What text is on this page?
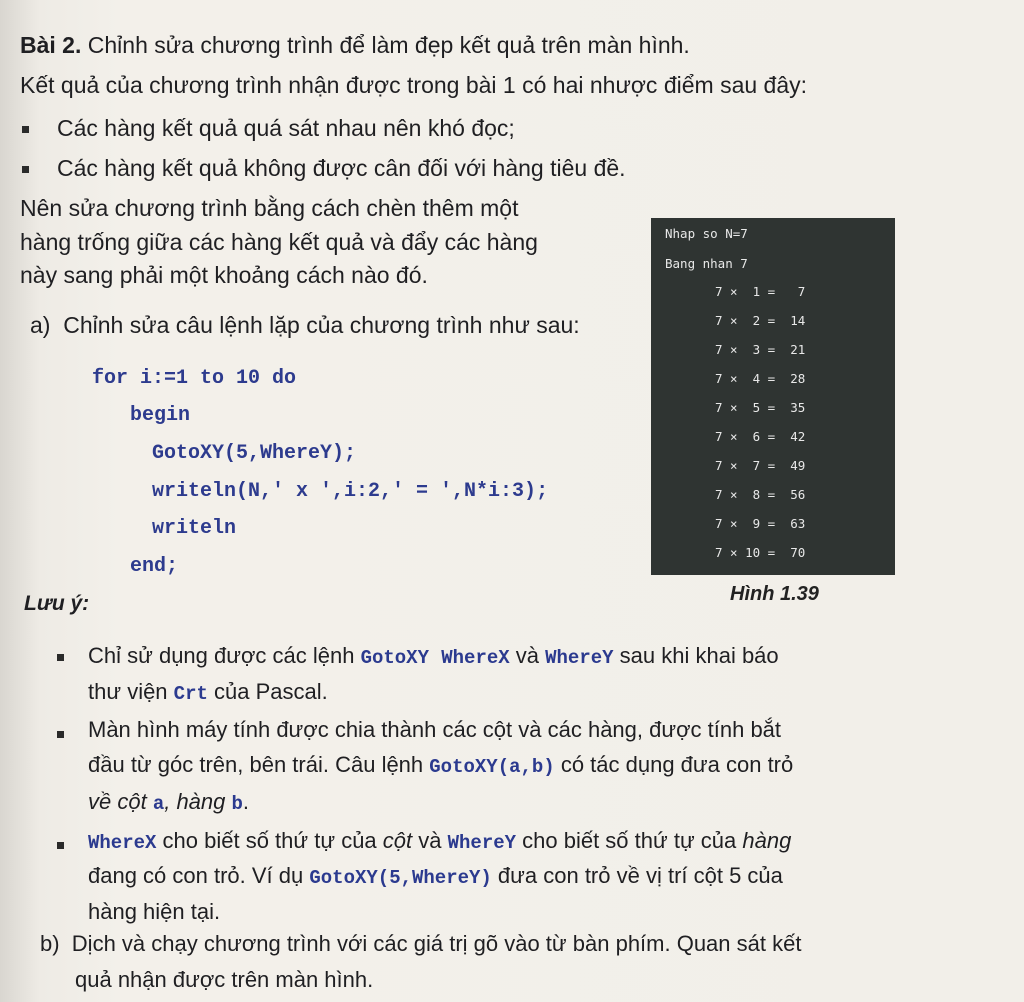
Bài 2. Chỉnh sửa chương trình để làm đẹp kết quả trên màn hình.
Kết quả của chương trình nhận được trong bài 1 có hai nhược điểm sau đây:
Các hàng kết quả quá sát nhau nên khó đọc;
Các hàng kết quả không được cân đối với hàng tiêu đề.
Nên sửa chương trình bằng cách chèn thêm một
hàng trống giữa các hàng kết quả và đẩy các hàng
này sang phải một khoảng cách nào đó.
a) Chỉnh sửa câu lệnh lặp của chương trình như sau:
for i:=1 to 10 do
begin
GotoXY(5,WhereY);
writeln(N,' x ',i:2,' = ',N*i:3);
writeln
end;
Nhap so N=7
Bang nhan 7
7 ×  1 =   7
7 ×  2 =  14
7 ×  3 =  21
7 ×  4 =  28
7 ×  5 =  35
7 ×  6 =  42
7 ×  7 =  49
7 ×  8 =  56
7 ×  9 =  63
7 × 10 =  70
Hình 1.39
Lưu ý:
Chỉ sử dụng được các lệnh GotoXY WhereX và WhereY sau khi khai báo
thư viện Crt của Pascal.
Màn hình máy tính được chia thành các cột và các hàng, được tính bắt
đầu từ góc trên, bên trái. Câu lệnh GotoXY(a,b) có tác dụng đưa con trỏ
về cột a, hàng b.
WhereX cho biết số thứ tự của cột và WhereY cho biết số thứ tự của hàng
đang có con trỏ. Ví dụ GotoXY(5,WhereY) đưa con trỏ về vị trí cột 5 của
hàng hiện tại.
b) Dịch và chạy chương trình với các giá trị gõ vào từ bàn phím. Quan sát kết
quả nhận được trên màn hình.
